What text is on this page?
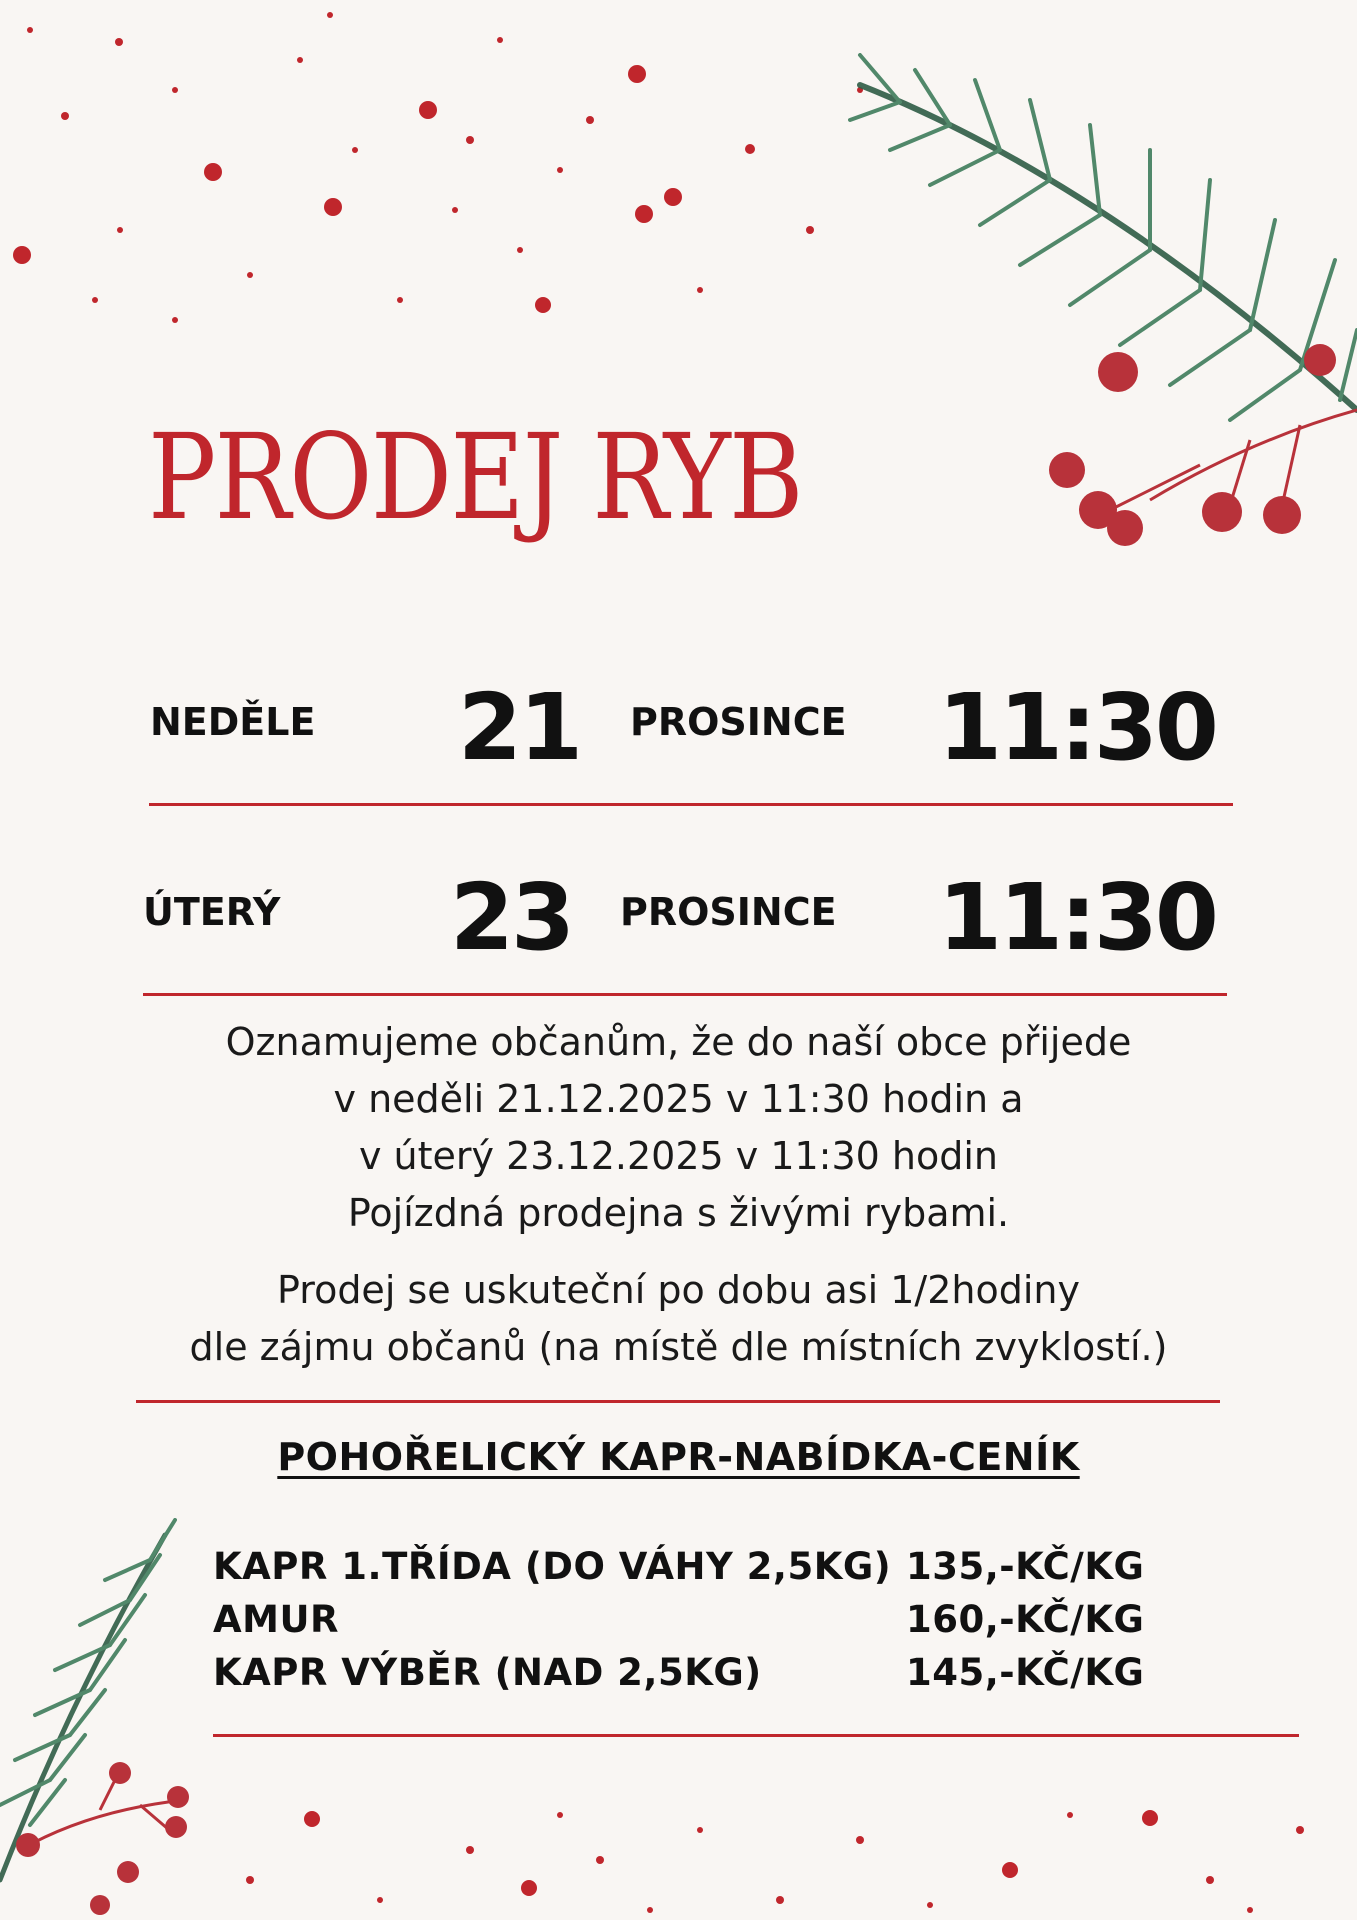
PRODEJ RYB
NEDĚLE 21 PROSINCE 11:30
ÚTERÝ 23 PROSINCE 11:30
Oznamujeme občanům, že do naší obce přijede
v neděli 21.12.2025 v 11:30 hodin a
v úterý 23.12.2025 v 11:30 hodin
Pojízdná prodejna s živými rybami.
Prodej se uskuteční po dobu asi 1/2hodiny
dle zájmu občanů (na místě dle místních zvyklostí.)
POHOŘELICKÝ KAPR-NABÍDKA-CENÍK
KAPR 1.TŘÍDA (DO VÁHY 2,5KG) 135,-KČ/KG
AMUR	160,-KČ/KG
KAPR VÝBĚR (NAD 2,5KG)	145,-KČ/KG
